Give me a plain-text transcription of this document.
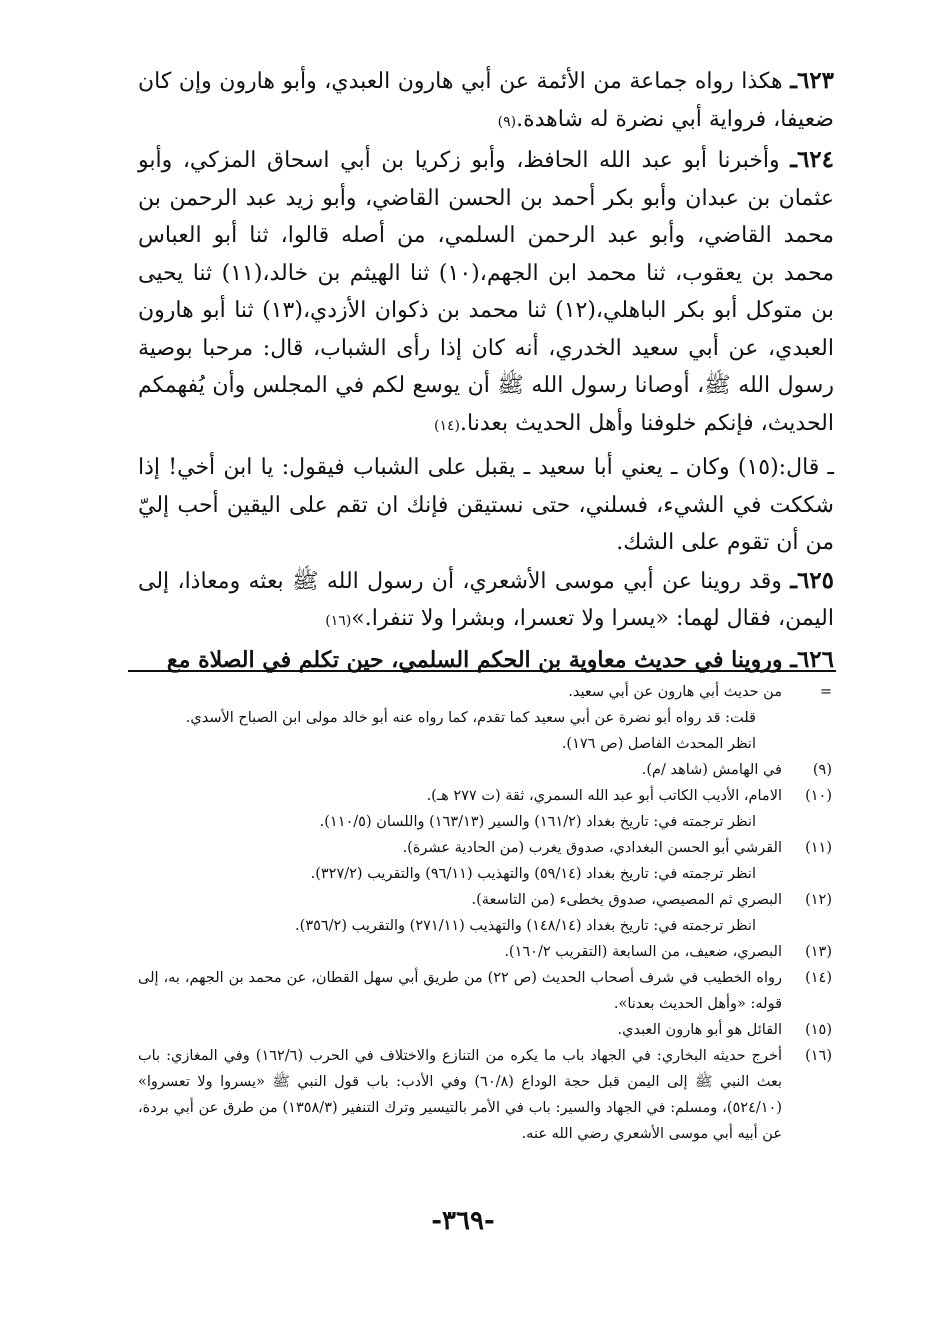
٦٢٣ـ هكذا رواه جماعة من الأئمة عن أبي هارون العبدي، وأبو هارون وإن كان ضعيفا، فرواية أبي نضرة له شاهدة.(٩)

٦٢٤ـ وأخبرنا أبو عبد الله الحافظ، وأبو زكريا بن أبي اسحاق المزكي، وأبو عثمان بن عبدان وأبو بكر أحمد بن الحسن القاضي، وأبو زيد عبد الرحمن بن محمد القاضي، وأبو عبد الرحمن السلمي، من أصله قالوا، ثنا أبو العباس محمد بن يعقوب، ثنا محمد ابن الجهم،(١٠) ثنا الهيثم بن خالد،(١١) ثنا يحيى بن متوكل أبو بكر الباهلي،(١٢) ثنا محمد بن ذكوان الأزدي،(١٣) ثنا أبو هارون العبدي، عن أبي سعيد الخدري، أنه كان إذا رأى الشباب، قال: مرحبا بوصية رسول الله ﷺ، أوصانا رسول الله ﷺ أن يوسع لكم في المجلس وأن يُفهمكم الحديث، فإنكم خلوفنا وأهل الحديث بعدنا.(١٤)

ـ قال:(١٥) وكان ـ يعني أبا سعيد ـ يقبل على الشباب فيقول: يا ابن أخي! إذا شككت في الشيء، فسلني، حتى نستيقن فإنك ان تقم على اليقين أحب إليّ من أن تقوم على الشك.

٦٢٥ـ وقد روينا عن أبي موسى الأشعري، أن رسول الله ﷺ بعثه ومعاذا، إلى اليمن، فقال لهما: «يسرا ولا تعسرا، وبشرا ولا تنفرا.»(١٦)

٦٢٦ـ وروينا في حديث معاوية بن الحكم السلمي، حين تكلم في الصلاة مع

=
من حديث أبي هارون عن أبي سعيد.
قلت: قد رواه أبو نضرة عن أبي سعيد كما تقدم، كما رواه عنه أبو خالد مولى ابن الصباح الأسدي.
انظر المحدث الفاصل (ص ١٧٦).
(٩)
في الهامش (شاهد /م).
(١٠)
الامام، الأديب الكاتب أبو عبد الله السمري، ثقة (ت ٢٧٧ هـ).
انظر ترجمته في: تاريخ بغداد (١٦١/٢) والسير (١٦٣/١٣) واللسان (١١٠/٥).
(١١)
القرشي أبو الحسن البغدادي، صدوق يغرب (من الحادية عشرة).
انظر ترجمته في: تاريخ بغداد (٥٩/١٤) والتهذيب (٩٦/١١) والتقريب (٣٢٧/٢).
(١٢)
البصري ثم المصيصي، صدوق يخطىء (من التاسعة).
انظر ترجمته في: تاريخ بغداد (١٤٨/١٤) والتهذيب (٢٧١/١١) والتقريب (٣٥٦/٢).
(١٣)
البصري، ضعيف، من السابعة (التقريب ١٦٠/٢).
(١٤)
رواه الخطيب في شرف أصحاب الحديث (ص ٢٢) من طريق أبي سهل القطان، عن محمد بن الجهم، به، إلى قوله: «وأهل الحديث بعدنا».
(١٥)
القائل هو أبو هارون العبدي.
(١٦)
أخرج حديثه البخاري: في الجهاد باب ما يكره من التنازع والاختلاف في الحرب (١٦٢/٦) وفي المغازي: باب بعث النبي ﷺ إلى اليمن قبل حجة الوداع (٦٠/٨) وفي الأدب: باب قول النبي ﷺ «يسروا ولا تعسروا» (٥٢٤/١٠)، ومسلم: في الجهاد والسير: باب في الأمر بالتيسير وترك التنفير (١٣٥٨/٣) من طرق عن أبي بردة، عن أبيه أبي موسى الأشعري رضي الله عنه.
-٣٦٩-
